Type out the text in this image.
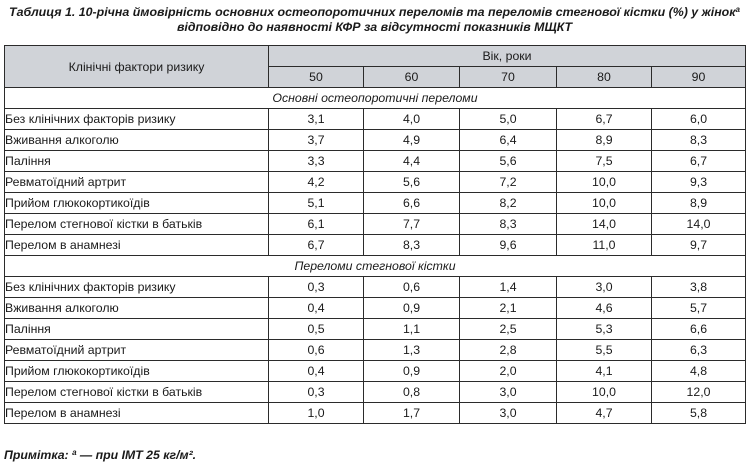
Таблиця 1. 10-річна ймовірність основних остеопоротичних переломів та переломів стегнової кістки (%) у жінок$^а$
відповідно до наявності КФР за відсутності показників МЩКТ
Клінічні фактори ризику	Вік, роки				
	50	60	70	80	90
Основні остеопоротичні переломи					
Без клінічних факторів ризику	3,1	4,0	5,0	6,7	6,0
Вживання алкоголю	3,7	4,9	6,4	8,9	8,3
Паління	3,3	4,4	5,6	7,5	6,7
Ревматоїдний артрит	4,2	5,6	7,2	10,0	9,3
Прийом глюкокортикоїдів	5,1	6,6	8,2	10,0	8,9
Перелом стегнової кістки в батьків	6,1	7,7	8,3	14,0	14,0
Перелом в анамнезі	6,7	8,3	9,6	11,0	9,7
Переломи стегнової кістки					
Без клінічних факторів ризику	0,3	0,6	1,4	3,0	3,8
Вживання алкоголю	0,4	0,9	2,1	4,6	5,7
Паління	0,5	1,1	2,5	5,3	6,6
Ревматоїдний артрит	0,6	1,3	2,8	5,5	6,3
Прийом глюкокортикоїдів	0,4	0,9	2,0	4,1	4,8
Перелом стегнової кістки в батьків	0,3	0,8	3,0	10,0	12,0
Перелом в анамнезі	1,0	1,7	3,0	4,7	5,8
Примітка: $^а$ — при ІМТ 25 кг/м².
